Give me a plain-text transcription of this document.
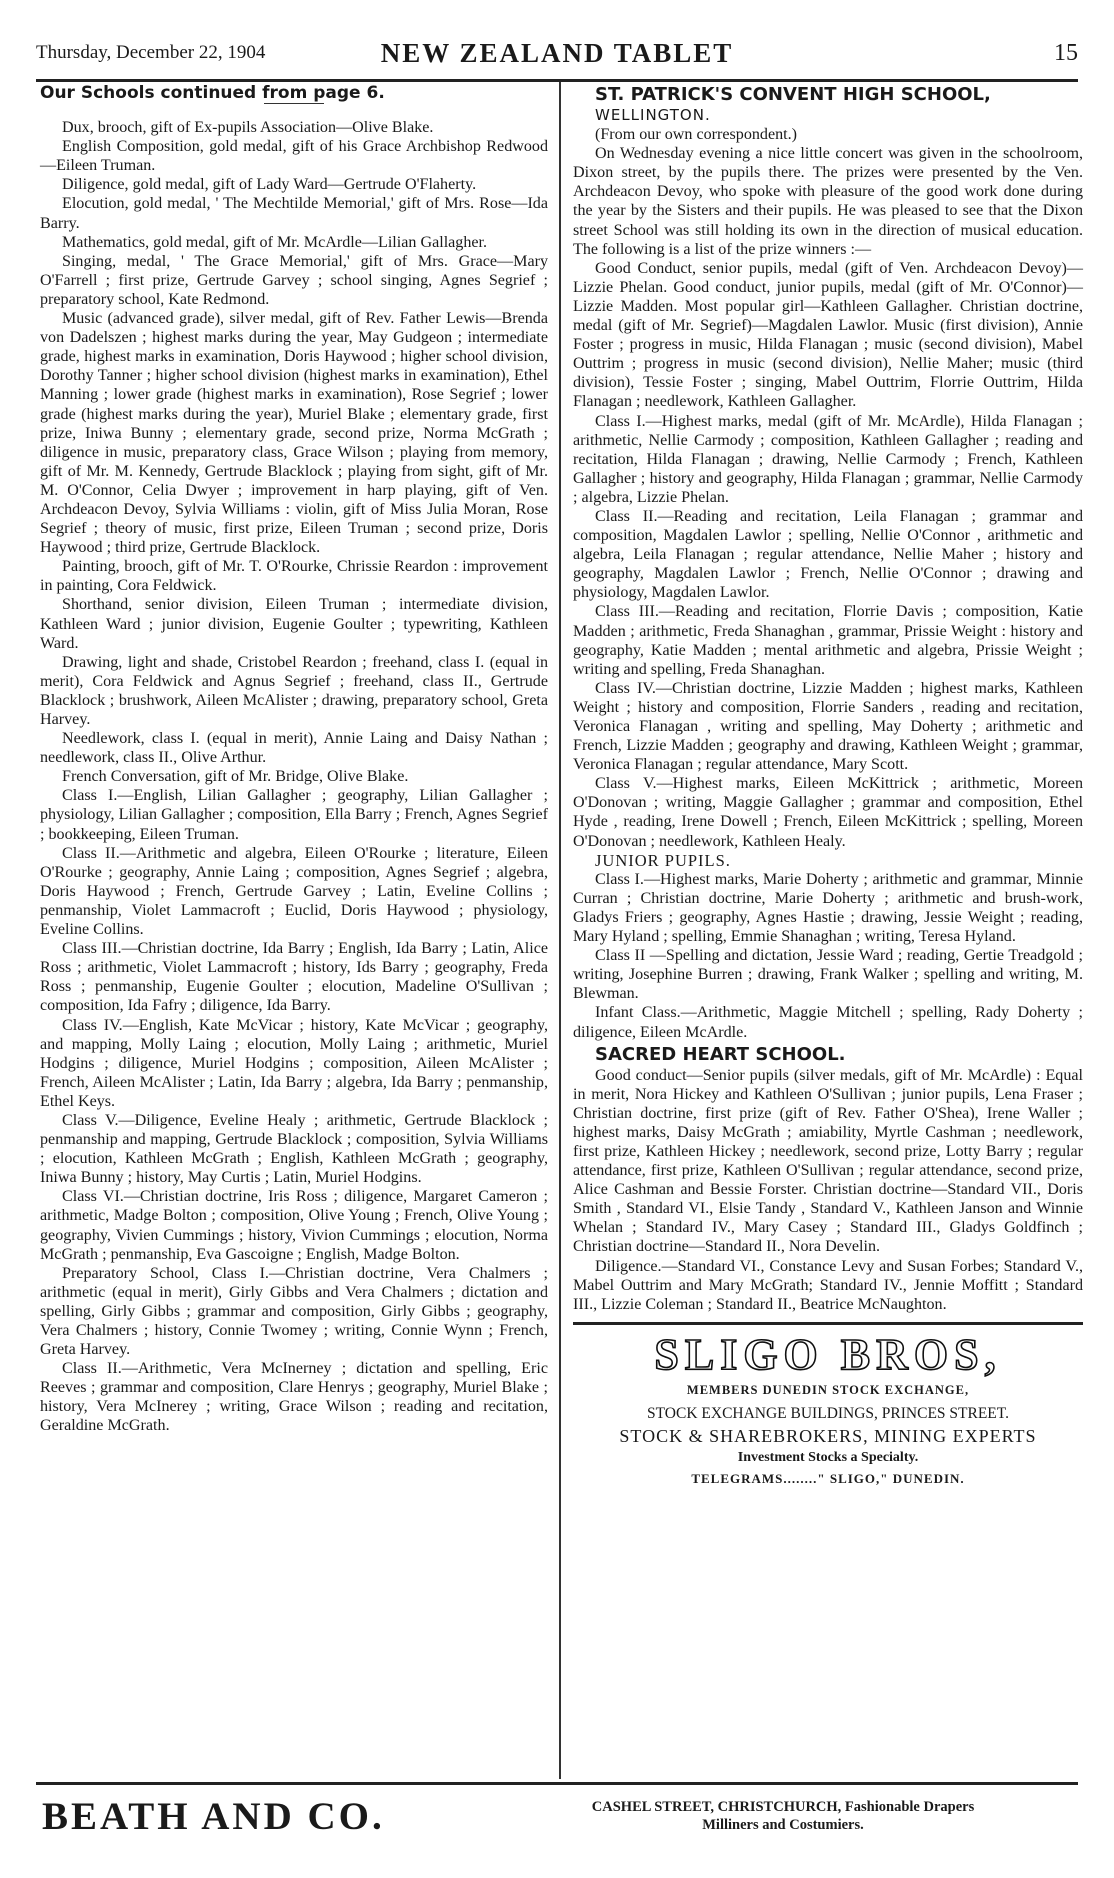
Thursday, December 22, 1904	NEW ZEALAND TABLET	15

Our Schools continued from page 6.

Dux, brooch, gift of Ex-pupils Association—Olive Blake.

English Composition, gold medal, gift of his Grace Archbishop Redwood—Eileen Truman.

Diligence, gold medal, gift of Lady Ward—Gertrude O'Flaherty.

Elocution, gold medal, ' The Mechtilde Memorial,' gift of Mrs. Rose—Ida Barry.

Mathematics, gold medal, gift of Mr. McArdle—Lilian Gallagher.

Singing, medal, ' The Grace Memorial,' gift of Mrs. Grace—Mary O'Farrell ; first prize, Gertrude Garvey ; school singing, Agnes Segrief ; preparatory school, Kate Redmond.

Music (advanced grade), silver medal, gift of Rev. Father Lewis—Brenda von Dadelszen ; highest marks during the year, May Gudgeon ; intermediate grade, highest marks in examination, Doris Haywood ; higher school division, Dorothy Tanner ; higher school division (highest marks in examination), Ethel Manning ; lower grade (highest marks in examination), Rose Segrief ; lower grade (highest marks during the year), Muriel Blake ; elementary grade, first prize, Iniwa Bunny ; elementary grade, second prize, Norma McGrath ; diligence in music, preparatory class, Grace Wilson ; playing from memory, gift of Mr. M. Kennedy, Gertrude Blacklock ; playing from sight, gift of Mr. M. O'Connor, Celia Dwyer ; improvement in harp playing, gift of Ven. Archdeacon Devoy, Sylvia Williams : violin, gift of Miss Julia Moran, Rose Segrief ; theory of music, first prize, Eileen Truman ; second prize, Doris Haywood ; third prize, Gertrude Blacklock.

Painting, brooch, gift of Mr. T. O'Rourke, Chrissie Reardon : improvement in painting, Cora Feldwick.

Shorthand, senior division, Eileen Truman ; intermediate division, Kathleen Ward ; junior division, Eugenie Goulter ; typewriting, Kathleen Ward.

Drawing, light and shade, Cristobel Reardon ; freehand, class I. (equal in merit), Cora Feldwick and Agnus Segrief ; freehand, class II., Gertrude Blacklock ; brushwork, Aileen McAlister ; drawing, preparatory school, Greta Harvey.

Needlework, class I. (equal in merit), Annie Laing and Daisy Nathan ; needlework, class II., Olive Arthur.

French Conversation, gift of Mr. Bridge, Olive Blake.

Class I.—English, Lilian Gallagher ; geography, Lilian Gallagher ; physiology, Lilian Gallagher ; composition, Ella Barry ; French, Agnes Segrief ; bookkeeping, Eileen Truman.

Class II.—Arithmetic and algebra, Eileen O'Rourke ; literature, Eileen O'Rourke ; geography, Annie Laing ; composition, Agnes Segrief ; algebra, Doris Haywood ; French, Gertrude Garvey ; Latin, Eveline Collins ; penmanship, Violet Lammacroft ; Euclid, Doris Haywood ; physiology, Eveline Collins.

Class III.—Christian doctrine, Ida Barry ; English, Ida Barry ; Latin, Alice Ross ; arithmetic, Violet Lammacroft ; history, Ids Barry ; geography, Freda Ross ; penmanship, Eugenie Goulter ; elocution, Madeline O'Sullivan ; composition, Ida Fafry ; diligence, Ida Barry.

Class IV.—English, Kate McVicar ; history, Kate McVicar ; geography, and mapping, Molly Laing ; elocution, Molly Laing ; arithmetic, Muriel Hodgins ; diligence, Muriel Hodgins ; composition, Aileen McAlister ; French, Aileen McAlister ; Latin, Ida Barry ; algebra, Ida Barry ; penmanship, Ethel Keys.

Class V.—Diligence, Eveline Healy ; arithmetic, Gertrude Blacklock ; penmanship and mapping, Gertrude Blacklock ; composition, Sylvia Williams ; elocution, Kathleen McGrath ; English, Kathleen McGrath ; geography, Iniwa Bunny ; history, May Curtis ; Latin, Muriel Hodgins.

Class VI.—Christian doctrine, Iris Ross ; diligence, Margaret Cameron ; arithmetic, Madge Bolton ; composition, Olive Young ; French, Olive Young ; geography, Vivien Cummings ; history, Vivion Cummings ; elocution, Norma McGrath ; penmanship, Eva Gascoigne ; English, Madge Bolton.

Preparatory School, Class I.—Christian doctrine, Vera Chalmers ; arithmetic (equal in merit), Girly Gibbs and Vera Chalmers ; dictation and spelling, Girly Gibbs ; grammar and composition, Girly Gibbs ; geography, Vera Chalmers ; history, Connie Twomey ; writing, Connie Wynn ; French, Greta Harvey.

Class II.—Arithmetic, Vera McInerney ; dictation and spelling, Eric Reeves ; grammar and composition, Clare Henrys ; geography, Muriel Blake ; history, Vera McInerey ; writing, Grace Wilson ; reading and recitation, Geraldine McGrath.

ST. PATRICK'S CONVENT HIGH SCHOOL,

WELLINGTON.

(From our own correspondent.)

On Wednesday evening a nice little concert was given in the schoolroom, Dixon street, by the pupils there. The prizes were presented by the Ven. Archdeacon Devoy, who spoke with pleasure of the good work done during the year by the Sisters and their pupils. He was pleased to see that the Dixon street School was still holding its own in the direction of musical education. The following is a list of the prize winners :—

Good Conduct, senior pupils, medal (gift of Ven. Archdeacon Devoy)—Lizzie Phelan. Good conduct, junior pupils, medal (gift of Mr. O'Connor)—Lizzie Madden. Most popular girl—Kathleen Gallagher. Christian doctrine, medal (gift of Mr. Segrief)—Magdalen Lawlor. Music (first division), Annie Foster ; progress in music, Hilda Flanagan ; music (second division), Mabel Outtrim ; progress in music (second division), Nellie Maher; music (third division), Tessie Foster ; singing, Mabel Outtrim, Florrie Outtrim, Hilda Flanagan ; needlework, Kathleen Gallagher.

Class I.—Highest marks, medal (gift of Mr. McArdle), Hilda Flanagan ; arithmetic, Nellie Carmody ; composition, Kathleen Gallagher ; reading and recitation, Hilda Flanagan ; drawing, Nellie Carmody ; French, Kathleen Gallagher ; history and geography, Hilda Flanagan ; grammar, Nellie Carmody ; algebra, Lizzie Phelan.

Class II.—Reading and recitation, Leila Flanagan ; grammar and composition, Magdalen Lawlor ; spelling, Nellie O'Connor , arithmetic and algebra, Leila Flanagan ; regular attendance, Nellie Maher ; history and geography, Magdalen Lawlor ; French, Nellie O'Connor ; drawing and physiology, Magdalen Lawlor.

Class III.—Reading and recitation, Florrie Davis ; composition, Katie Madden ; arithmetic, Freda Shanaghan , grammar, Prissie Weight : history and geography, Katie Madden ; mental arithmetic and algebra, Prissie Weight ; writing and spelling, Freda Shanaghan.

Class IV.—Christian doctrine, Lizzie Madden ; highest marks, Kathleen Weight ; history and composition, Florrie Sanders , reading and recitation, Veronica Flanagan , writing and spelling, May Doherty ; arithmetic and French, Lizzie Madden ; geography and drawing, Kathleen Weight ; grammar, Veronica Flanagan ; regular attendance, Mary Scott.

Class V.—Highest marks, Eileen McKittrick ; arithmetic, Moreen O'Donovan ; writing, Maggie Gallagher ; grammar and composition, Ethel Hyde , reading, Irene Dowell ; French, Eileen McKittrick ; spelling, Moreen O'Donovan ; needlework, Kathleen Healy.

JUNIOR PUPILS.

Class I.—Highest marks, Marie Doherty ; arithmetic and grammar, Minnie Curran ; Christian doctrine, Marie Doherty ; arithmetic and brush-work, Gladys Friers ; geography, Agnes Hastie ; drawing, Jessie Weight ; reading, Mary Hyland ; spelling, Emmie Shanaghan ; writing, Teresa Hyland.

Class II —Spelling and dictation, Jessie Ward ; reading, Gertie Treadgold ; writing, Josephine Burren ; drawing, Frank Walker ; spelling and writing, M. Blewman.

Infant Class.—Arithmetic, Maggie Mitchell ; spelling, Rady Doherty ; diligence, Eileen McArdle.

SACRED HEART SCHOOL.

Good conduct—Senior pupils (silver medals, gift of Mr. McArdle) : Equal in merit, Nora Hickey and Kathleen O'Sullivan ; junior pupils, Lena Fraser ; Christian doctrine, first prize (gift of Rev. Father O'Shea), Irene Waller ; highest marks, Daisy McGrath ; amiability, Myrtle Cashman ; needlework, first prize, Kathleen Hickey ; needlework, second prize, Lotty Barry ; regular attendance, first prize, Kathleen O'Sullivan ; regular attendance, second prize, Alice Cashman and Bessie Forster. Christian doctrine—Standard VII., Doris Smith , Standard VI., Elsie Tandy , Standard V., Kathleen Janson and Winnie Whelan ; Standard IV., Mary Casey ; Standard III., Gladys Goldfinch ; Christian doctrine—Standard II., Nora Develin.

Diligence.—Standard VI., Constance Levy and Susan Forbes; Standard V., Mabel Outtrim and Mary McGrath; Standard IV., Jennie Moffitt ; Standard III., Lizzie Coleman ; Standard II., Beatrice McNaughton.

SLIGO BROS,
MEMBERS DUNEDIN STOCK EXCHANGE,
STOCK EXCHANGE BUILDINGS, PRINCES STREET.
STOCK & SHAREBROKERS, MINING EXPERTS
Investment Stocks a Specialty.
TELEGRAMS........" SLIGO," DUNEDIN.
BEATH AND CO.	CASHEL STREET, CHRISTCHURCH, Fashionable Drapers
Milliners and Costumiers.
